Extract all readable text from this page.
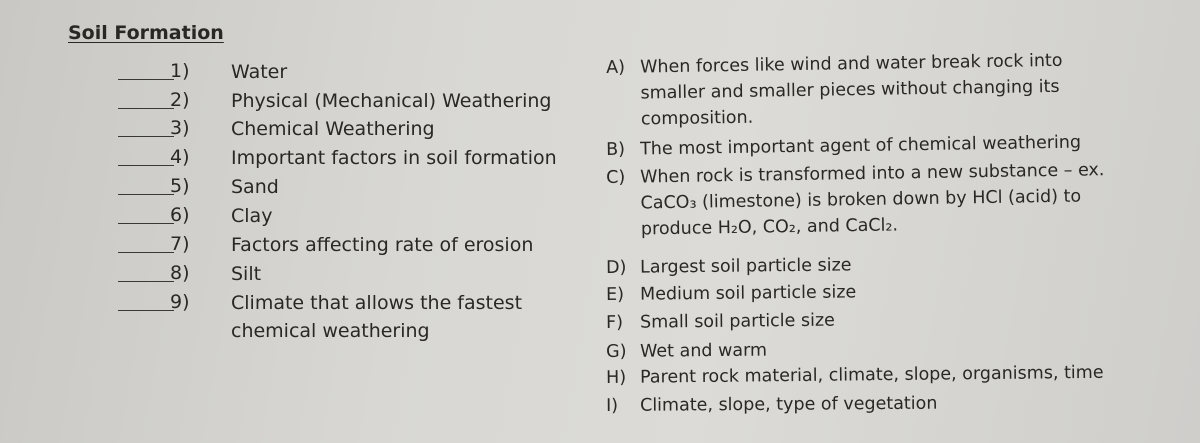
Soil Formation
1) Water
2) Physical (Mechanical) Weathering
3) Chemical Weathering
4) Important factors in soil formation
5) Sand
6) Clay
7) Factors affecting rate of erosion
8) Silt
9) Climate that allows the fastest
chemical weathering
A) When forces like wind and water break rock into
smaller and smaller pieces without changing its
composition.
B) The most important agent of chemical weathering
C) When rock is transformed into a new substance – ex.
CaCO₃ (limestone) is broken down by HCl (acid) to
produce H₂O, CO₂, and CaCl₂.
D) Largest soil particle size
E) Medium soil particle size
F) Small soil particle size
G) Wet and warm
H) Parent rock material, climate, slope, organisms, time
I) Climate, slope, type of vegetation
